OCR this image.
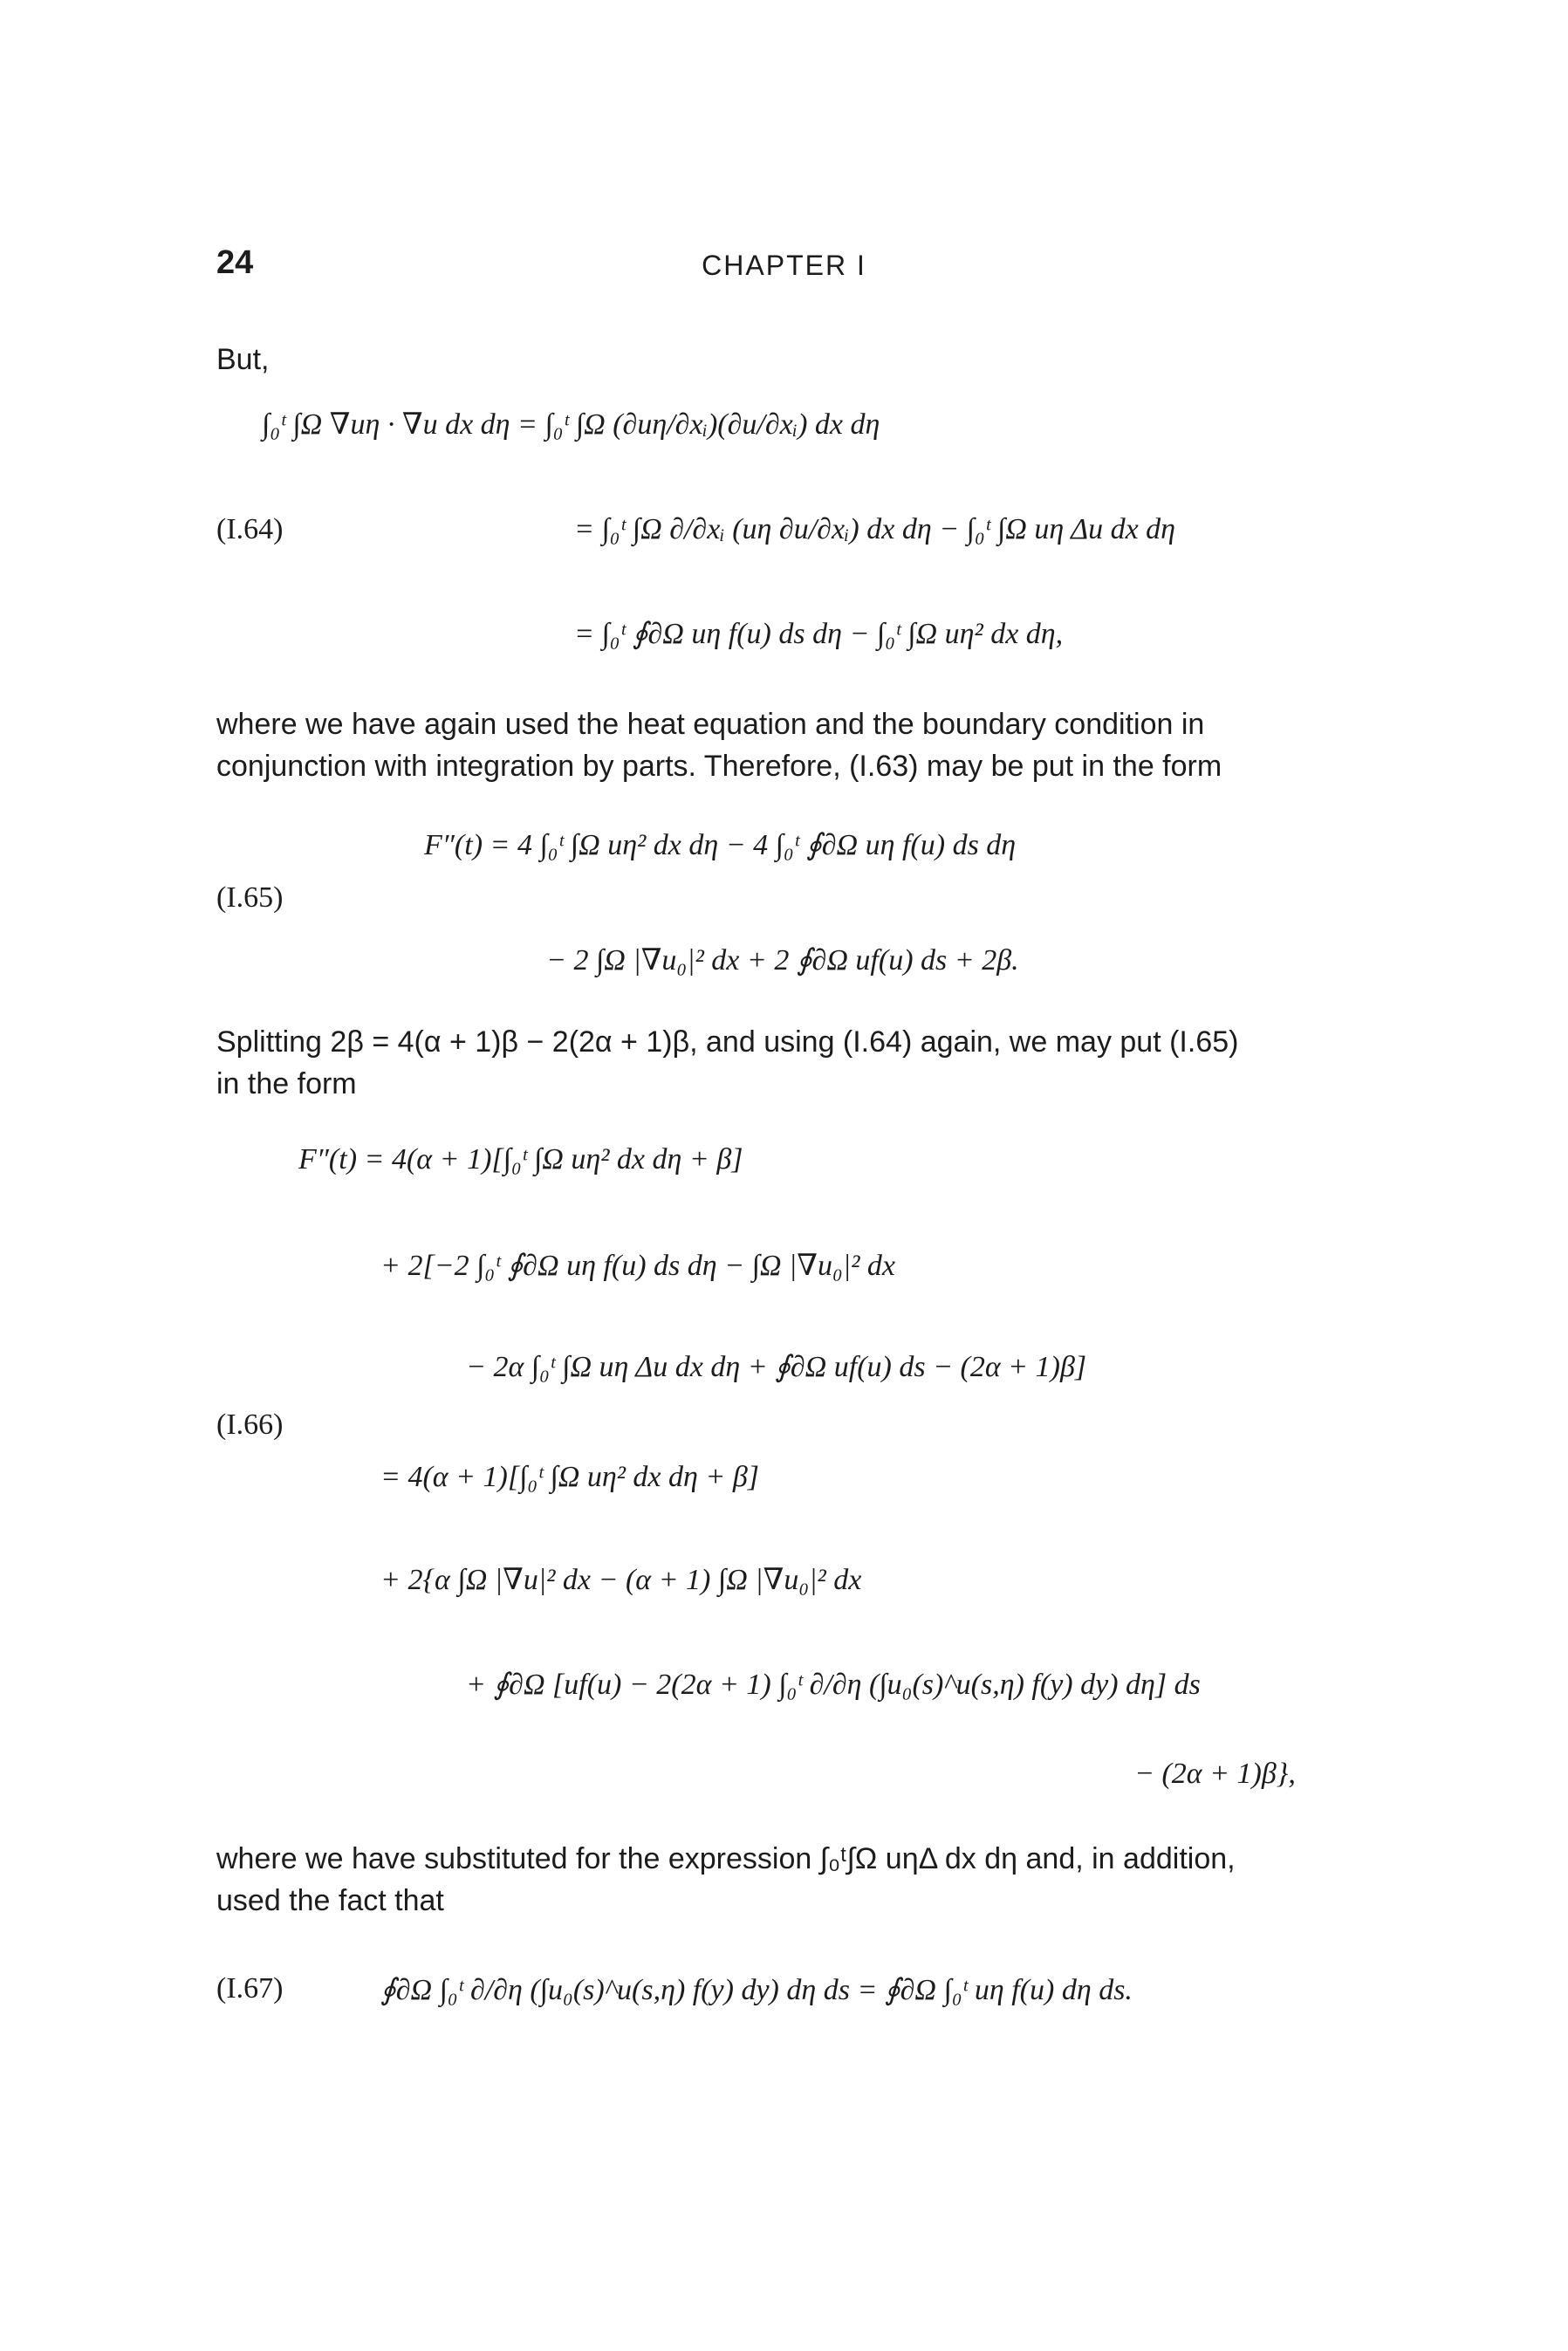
24	CHAPTER I
But,
∫₀ᵗ ∫Ω ∇uη · ∇u dx dη = ∫₀ᵗ ∫Ω (∂uη/∂xᵢ)(∂u/∂xᵢ) dx dη
(I.64)	= ∫₀ᵗ ∫Ω ∂/∂xᵢ (uη ∂u/∂xᵢ) dx dη − ∫₀ᵗ ∫Ω uη Δu dx dη
= ∫₀ᵗ ∮∂Ω uη f(u) ds dη − ∫₀ᵗ ∫Ω uη² dx dη,
where we have again used the heat equation and the boundary condition in
conjunction with integration by parts. Therefore, (I.63) may be put in the form
F″(t) = 4 ∫₀ᵗ ∫Ω uη² dx dη − 4 ∫₀ᵗ ∮∂Ω uη f(u) ds dη
(I.65)
− 2 ∫Ω |∇u₀|² dx + 2 ∮∂Ω uf(u) ds + 2β.
Splitting 2β = 4(α + 1)β − 2(2α + 1)β, and using (I.64) again, we may put (I.65)
in the form
F″(t) = 4(α + 1)[∫₀ᵗ ∫Ω uη² dx dη + β]
+ 2[−2 ∫₀ᵗ ∮∂Ω uη f(u) ds dη − ∫Ω |∇u₀|² dx
− 2α ∫₀ᵗ ∫Ω uη Δu dx dη + ∮∂Ω uf(u) ds − (2α + 1)β]
(I.66)
= 4(α + 1)[∫₀ᵗ ∫Ω uη² dx dη + β]
+ 2{α ∫Ω |∇u|² dx − (α + 1) ∫Ω |∇u₀|² dx
+ ∮∂Ω [uf(u) − 2(2α + 1) ∫₀ᵗ ∂/∂η (∫u₀(s)^u(s,η) f(y) dy) dη] ds
− (2α + 1)β},
where we have substituted for the expression ∫₀ᵗ∫Ω uηΔ dx dη and, in addition,
used the fact that
(I.67)	∮∂Ω ∫₀ᵗ ∂/∂η (∫u₀(s)^u(s,η) f(y) dy) dη ds = ∮∂Ω ∫₀ᵗ uη f(u) dη ds.
